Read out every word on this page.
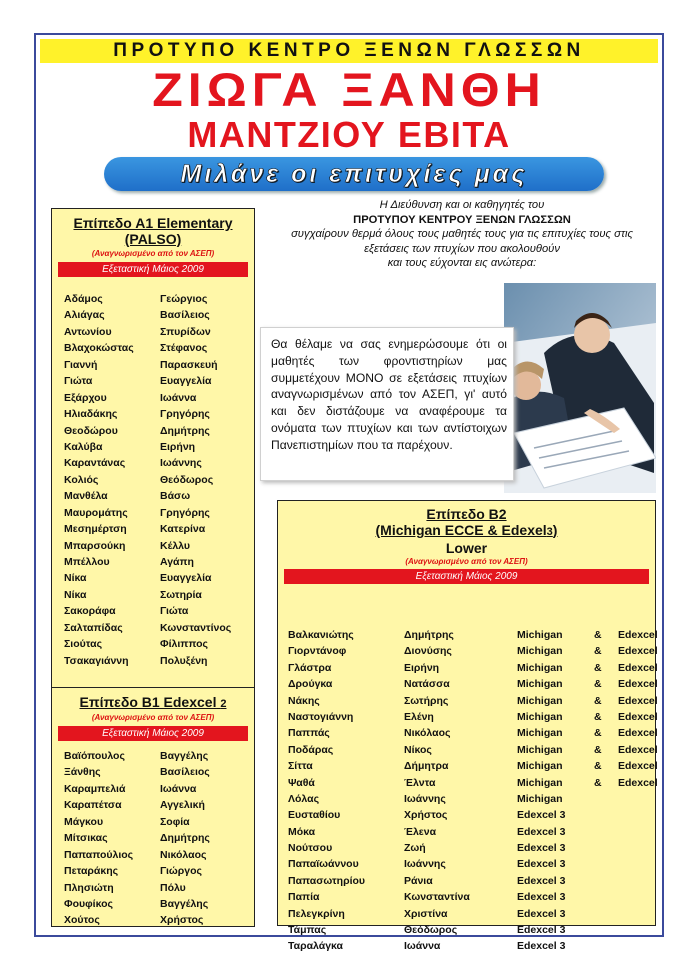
ΠΡΟΤΥΠΟ ΚΕΝΤΡΟ ΞΕΝΩΝ ΓΛΩΣΣΩΝ
ΖΙΩΓΑ ΞΑΝΘΗ
ΜΑΝΤΖΙΟΥ ΕΒΙΤΑ
Μιλάνε οι επιτυχίες μας
Επίπεδο Α1 Elementary
(PALSO)
(Αναγνωρισμένο από τον ΑΣΕΠ)
Εξεταστική Μάιος 2009
Αδάμος	Γεώργιος
Αλιάγας	Βασίλειος
Αντωνίου	Σπυρίδων
Βλαχοκώστας	Στέφανος
Γιαννή	Παρασκευή
Γιώτα	Ευαγγελία
Εξάρχου	Ιωάννα
Ηλιαδάκης	Γρηγόρης
Θεοδώρου	Δημήτρης
Καλύβα	Ειρήνη
Καραντάνας	Ιωάννης
Κολιός	Θεόδωρος
Μανθέλα	Βάσω
Μαυρομάτης	Γρηγόρης
Μεσημέρτση	Κατερίνα
Μπαρσούκη	Κέλλυ
Μπέλλου	Αγάπη
Νίκα	Ευαγγελία
Νίκα	Σωτηρία
Σακοράφα	Γιώτα
Σαλταπίδας	Κωνσταντίνος
Σιούτας	Φίλιππος
Τσακαγιάννη	Πολυξένη
Επίπεδο Β1 Edexcel 2
(Αναγνωρισμένο από τον ΑΣΕΠ)
Εξεταστική Μάιος 2009
Βαϊόπουλος	Βαγγέλης
Ξάνθης	Βασίλειος
Καραμπελιά	Ιωάννα
Καραπέτσα	Αγγελική
Μάγκου	Σοφία
Μίτσικας	Δημήτρης
Παπαπούλιος	Νικόλαος
Πεταράκης	Γιώργος
Πλησιώτη	Πόλυ
Φουφίκος	Βαγγέλης
Χούτος	Χρήστος
Η Διεύθυνση και οι καθηγητές του
ΠΡΟΤΥΠΟΥ ΚΕΝΤΡΟΥ ΞΕΝΩΝ ΓΛΩΣΣΩΝ
συγχαίρουν θερμά όλους τους μαθητές τους για τις επιτυχίες τους στις εξετάσεις των πτυχίων που ακολουθούν
και τους εύχονται εις ανώτερα:
Θα θέλαμε να σας ενημερώσουμε ότι οι μαθητές των φροντιστηρίων μας συμμετέχουν ΜΟΝΟ σε εξετάσεις πτυχίων αναγνωρισμένων από τον ΑΣΕΠ, γι' αυτό και δεν διστάζουμε να αναφέρουμε τα ονόματα των πτυχίων και των αντίστοιχων Πανεπιστημίων που τα παρέχουν.
Επίπεδο Β2
(Michigan ECCE & Edexel3)
Lower
(Αναγνωρισμένο από τον ΑΣΕΠ)
Εξεταστική Μάιος 2009
Βαλκανιώτης	Δημήτρης	Michigan	& Edexcel
Γιορντάνοφ	Διονύσης	Michigan	& Edexcel
Γλάστρα	Ειρήνη	Michigan	& Edexcel
Δρούγκα	Νατάσσα	Michigan	& Edexcel
Νάκης	Σωτήρης	Michigan	& Edexcel
Ναστογιάννη	Ελένη	Michigan	& Edexcel
Παππάς	Νικόλαος	Michigan	& Edexcel
Ποδάρας	Νίκος	Michigan	& Edexcel
Σίττα	Δήμητρα	Michigan	& Edexcel
Ψαθά	Έλντα	Michigan	& Edexcel
Λόλας	Ιωάννης	Michigan
Ευσταθίου	Χρήστος	Edexcel 3
Μόκα	Έλενα	Edexcel 3
Νούτσου	Ζωή	Edexcel 3
Παπαϊωάννου	Ιωάννης	Edexcel 3
Παπασωτηρίου	Ράνια	Edexcel 3
Παπία	Κωνσταντίνα	Edexcel 3
Πελεγκρίνη	Χριστίνα	Edexcel 3
Τάμπας	Θεόδωρος	Edexcel 3
Ταραλάγκα	Ιωάννα	Edexcel 3
